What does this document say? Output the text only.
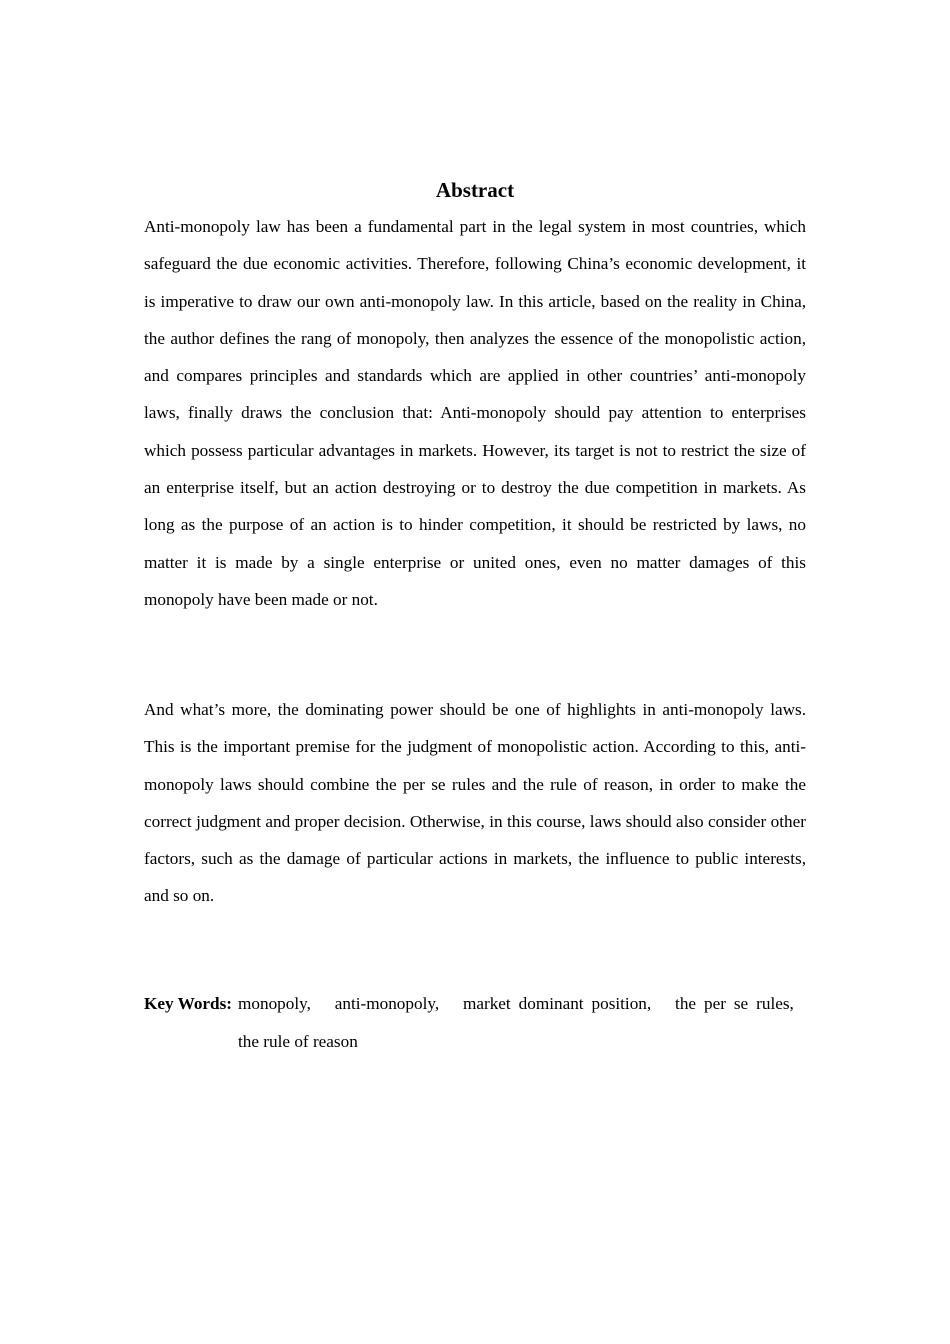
Abstract

Anti-monopoly law has been a fundamental part in the legal system in most countries, which safeguard the due economic activities. Therefore, following China’s economic development, it is imperative to draw our own anti-monopoly law. In this article, based on the reality in China, the author defines the rang of monopoly, then analyzes the essence of the monopolistic action, and compares principles and standards which are applied in other countries’ anti-monopoly laws, finally draws the conclusion that: Anti-monopoly should pay attention to enterprises which possess particular advantages in markets. However, its target is not to restrict the size of an enterprise itself, but an action destroying or to destroy the due competition in markets. As long as the purpose of an action is to hinder competition, it should be restricted by laws, no matter it is made by a single enterprise or united ones, even no matter damages of this monopoly have been made or not.

And what’s more, the dominating power should be one of highlights in anti-monopoly laws. This is the important premise for the judgment of monopolistic action. According to this, anti-monopoly laws should combine the per se rules and the rule of reason, in order to make the correct judgment and proper decision. Otherwise, in this course, laws should also consider other factors, such as the damage of particular actions in markets, the influence to public interests, and so on.

Key Words: monopoly, anti-monopoly, market dominant position, the per se rules,   the rule of reason
